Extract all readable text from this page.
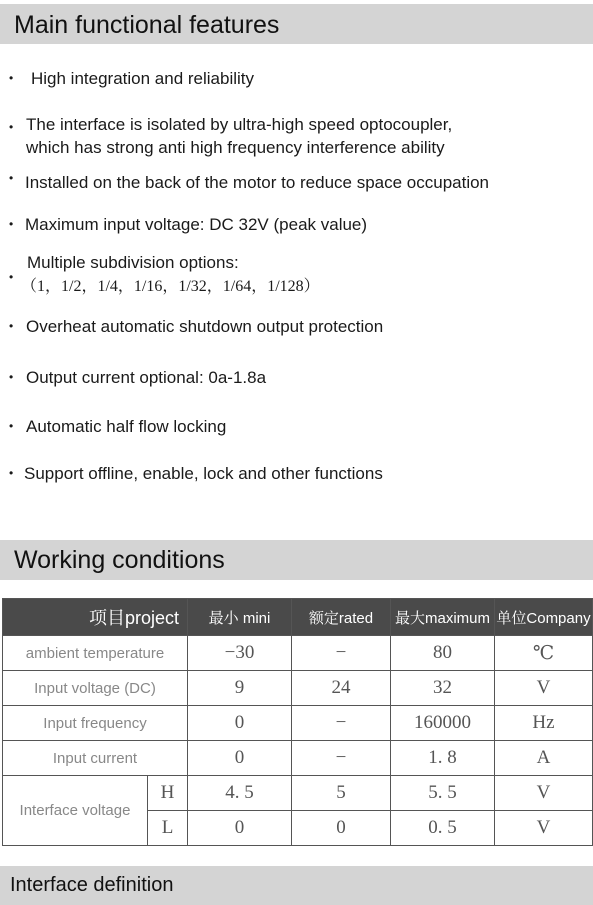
Main functional features
• High integration and reliability
• The interface is isolated by ultra-high speed optocoupler,
which has strong anti high frequency interference ability
• Installed on the back of the motor to reduce space occupation
• Maximum input voltage: DC 32V (peak value)
•
Multiple subdivision options:
（1，1/2，1/4，1/16，1/32，1/64，1/128）
• Overheat automatic shutdown output protection
• Output current optional: 0a-1.8a
• Automatic half flow locking
• Support offline, enable, lock and other functions
Working conditions
项目project		最小 mini	额定rated	最大maximum	单位Company
ambient temperature		−30	−	80	℃
Input voltage (DC)		9	24	32	V
Input frequency		0	−	160000	Hz
Input current		0	−	1. 8	A
Interface voltage	H	4. 5	5	5. 5	V
	L	0	0	0. 5	V
Interface definition
